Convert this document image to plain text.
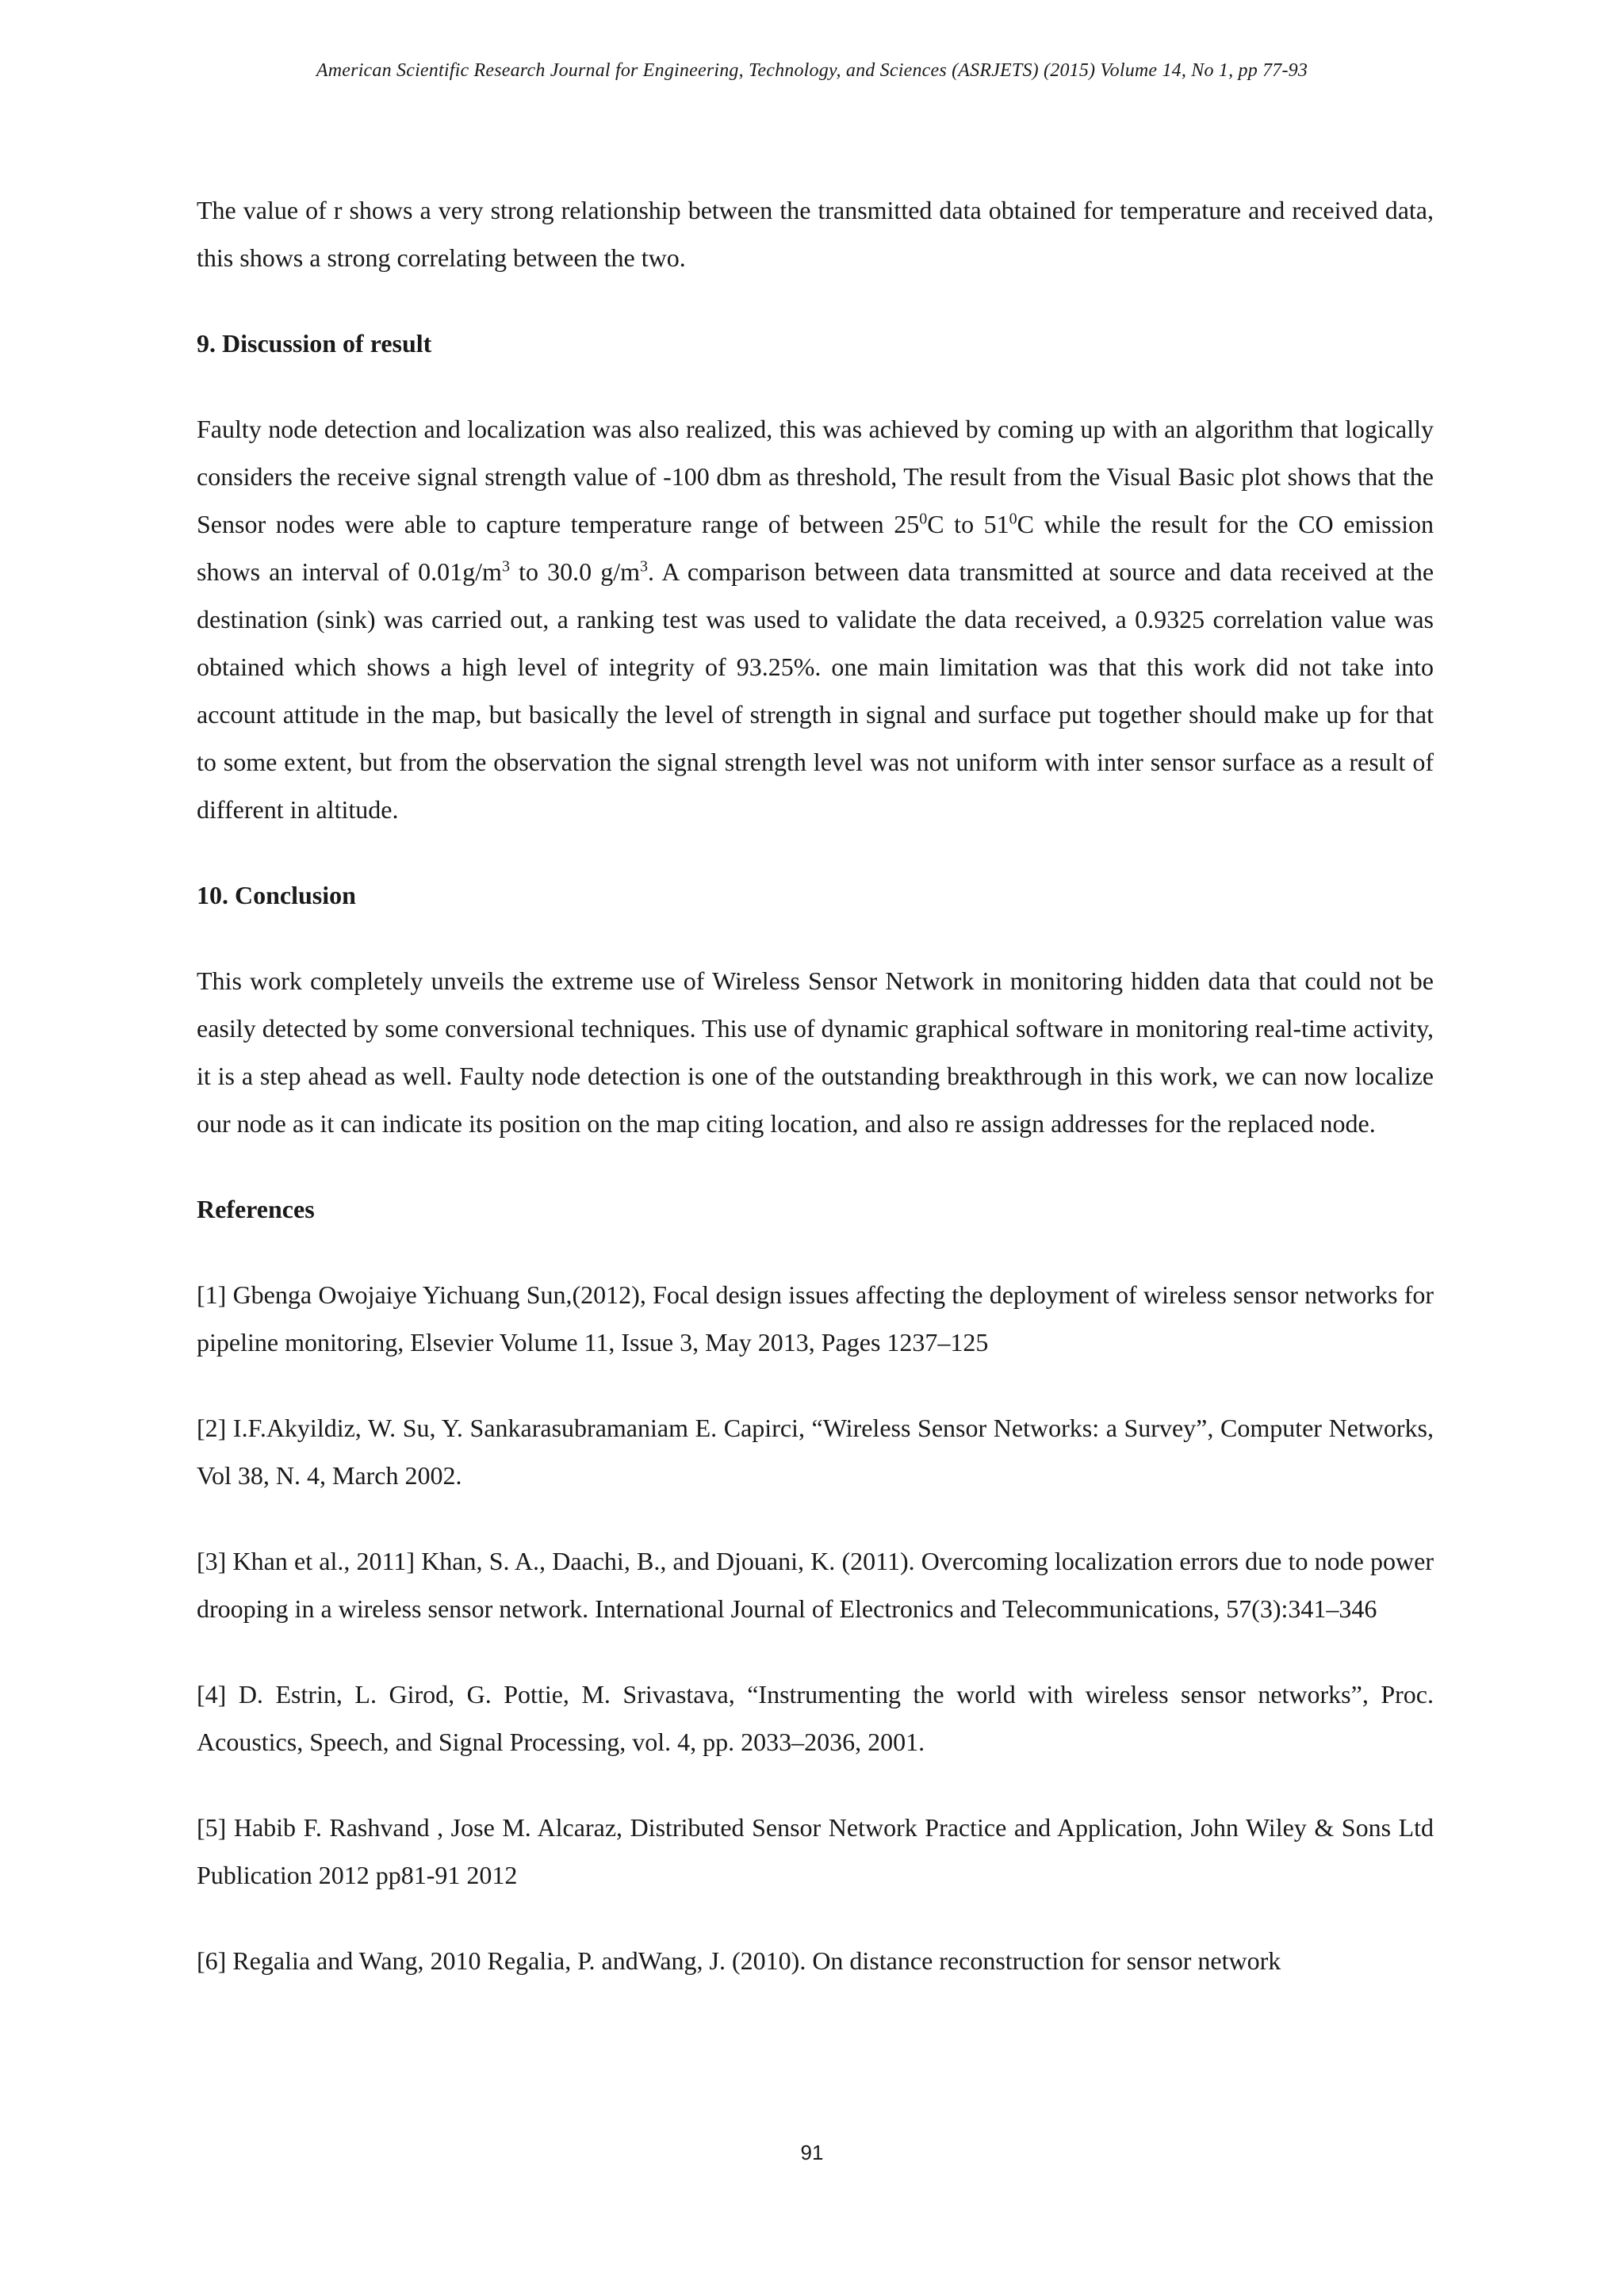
American Scientific Research Journal for Engineering, Technology, and Sciences (ASRJETS) (2015) Volume 14, No 1, pp 77-93

The value of r shows a very strong relationship between the transmitted data obtained for temperature and received data, this shows a strong correlating between the two.

9. Discussion of result

Faulty node detection and localization was also realized, this was achieved by coming up with an algorithm that logically considers the receive signal strength value of -100 dbm as threshold, The result from the Visual Basic plot shows that the Sensor nodes were able to capture temperature range of between $25^0C$ to $51^0C$ while the result for the CO emission shows an interval of $0.01g/m^3$ to 30.0 $g/m^3$. A comparison between data transmitted at source and data received at the destination (sink) was carried out, a ranking test was used to validate the data received, a 0.9325 correlation value was obtained which shows a high level of integrity of 93.25%. one main limitation was that this work did not take into account attitude in the map, but basically the level of strength in signal and surface put together should make up for that to some extent, but from the observation the signal strength level was not uniform with inter sensor surface as a result of different in altitude.

10. Conclusion

This work completely unveils the extreme use of Wireless Sensor Network in monitoring hidden data that could not be easily detected by some conversional techniques. This use of dynamic graphical software in monitoring real-time activity, it is a step ahead as well. Faulty node detection is one of the outstanding breakthrough in this work, we can now localize our node as it can indicate its position on the map citing location, and also re assign addresses for the replaced node.

References

[1] Gbenga Owojaiye Yichuang Sun,(2012), Focal design issues affecting the deployment of wireless sensor networks for pipeline monitoring, Elsevier Volume 11, Issue 3, May 2013, Pages 1237–125

[2] I.F.Akyildiz, W. Su, Y. Sankarasubramaniam E. Capirci, “Wireless Sensor Networks: a Survey”, Computer Networks, Vol 38, N. 4, March 2002.

[3] Khan et al., 2011] Khan, S. A., Daachi, B., and Djouani, K. (2011). Overcoming localization errors due to node power drooping in a wireless sensor network. International Journal of Electronics and Telecommunications, 57(3):341–346

[4] D. Estrin, L. Girod, G. Pottie, M. Srivastava, “Instrumenting the world with wireless sensor networks”, Proc. Acoustics, Speech, and Signal Processing, vol. 4, pp. 2033–2036, 2001.

[5] Habib F. Rashvand , Jose M. Alcaraz, Distributed Sensor Network Practice and Application, John Wiley & Sons Ltd Publication 2012 pp81-91 2012

[6] Regalia and Wang, 2010 Regalia, P. andWang, J. (2010). On distance reconstruction for sensor network

91
